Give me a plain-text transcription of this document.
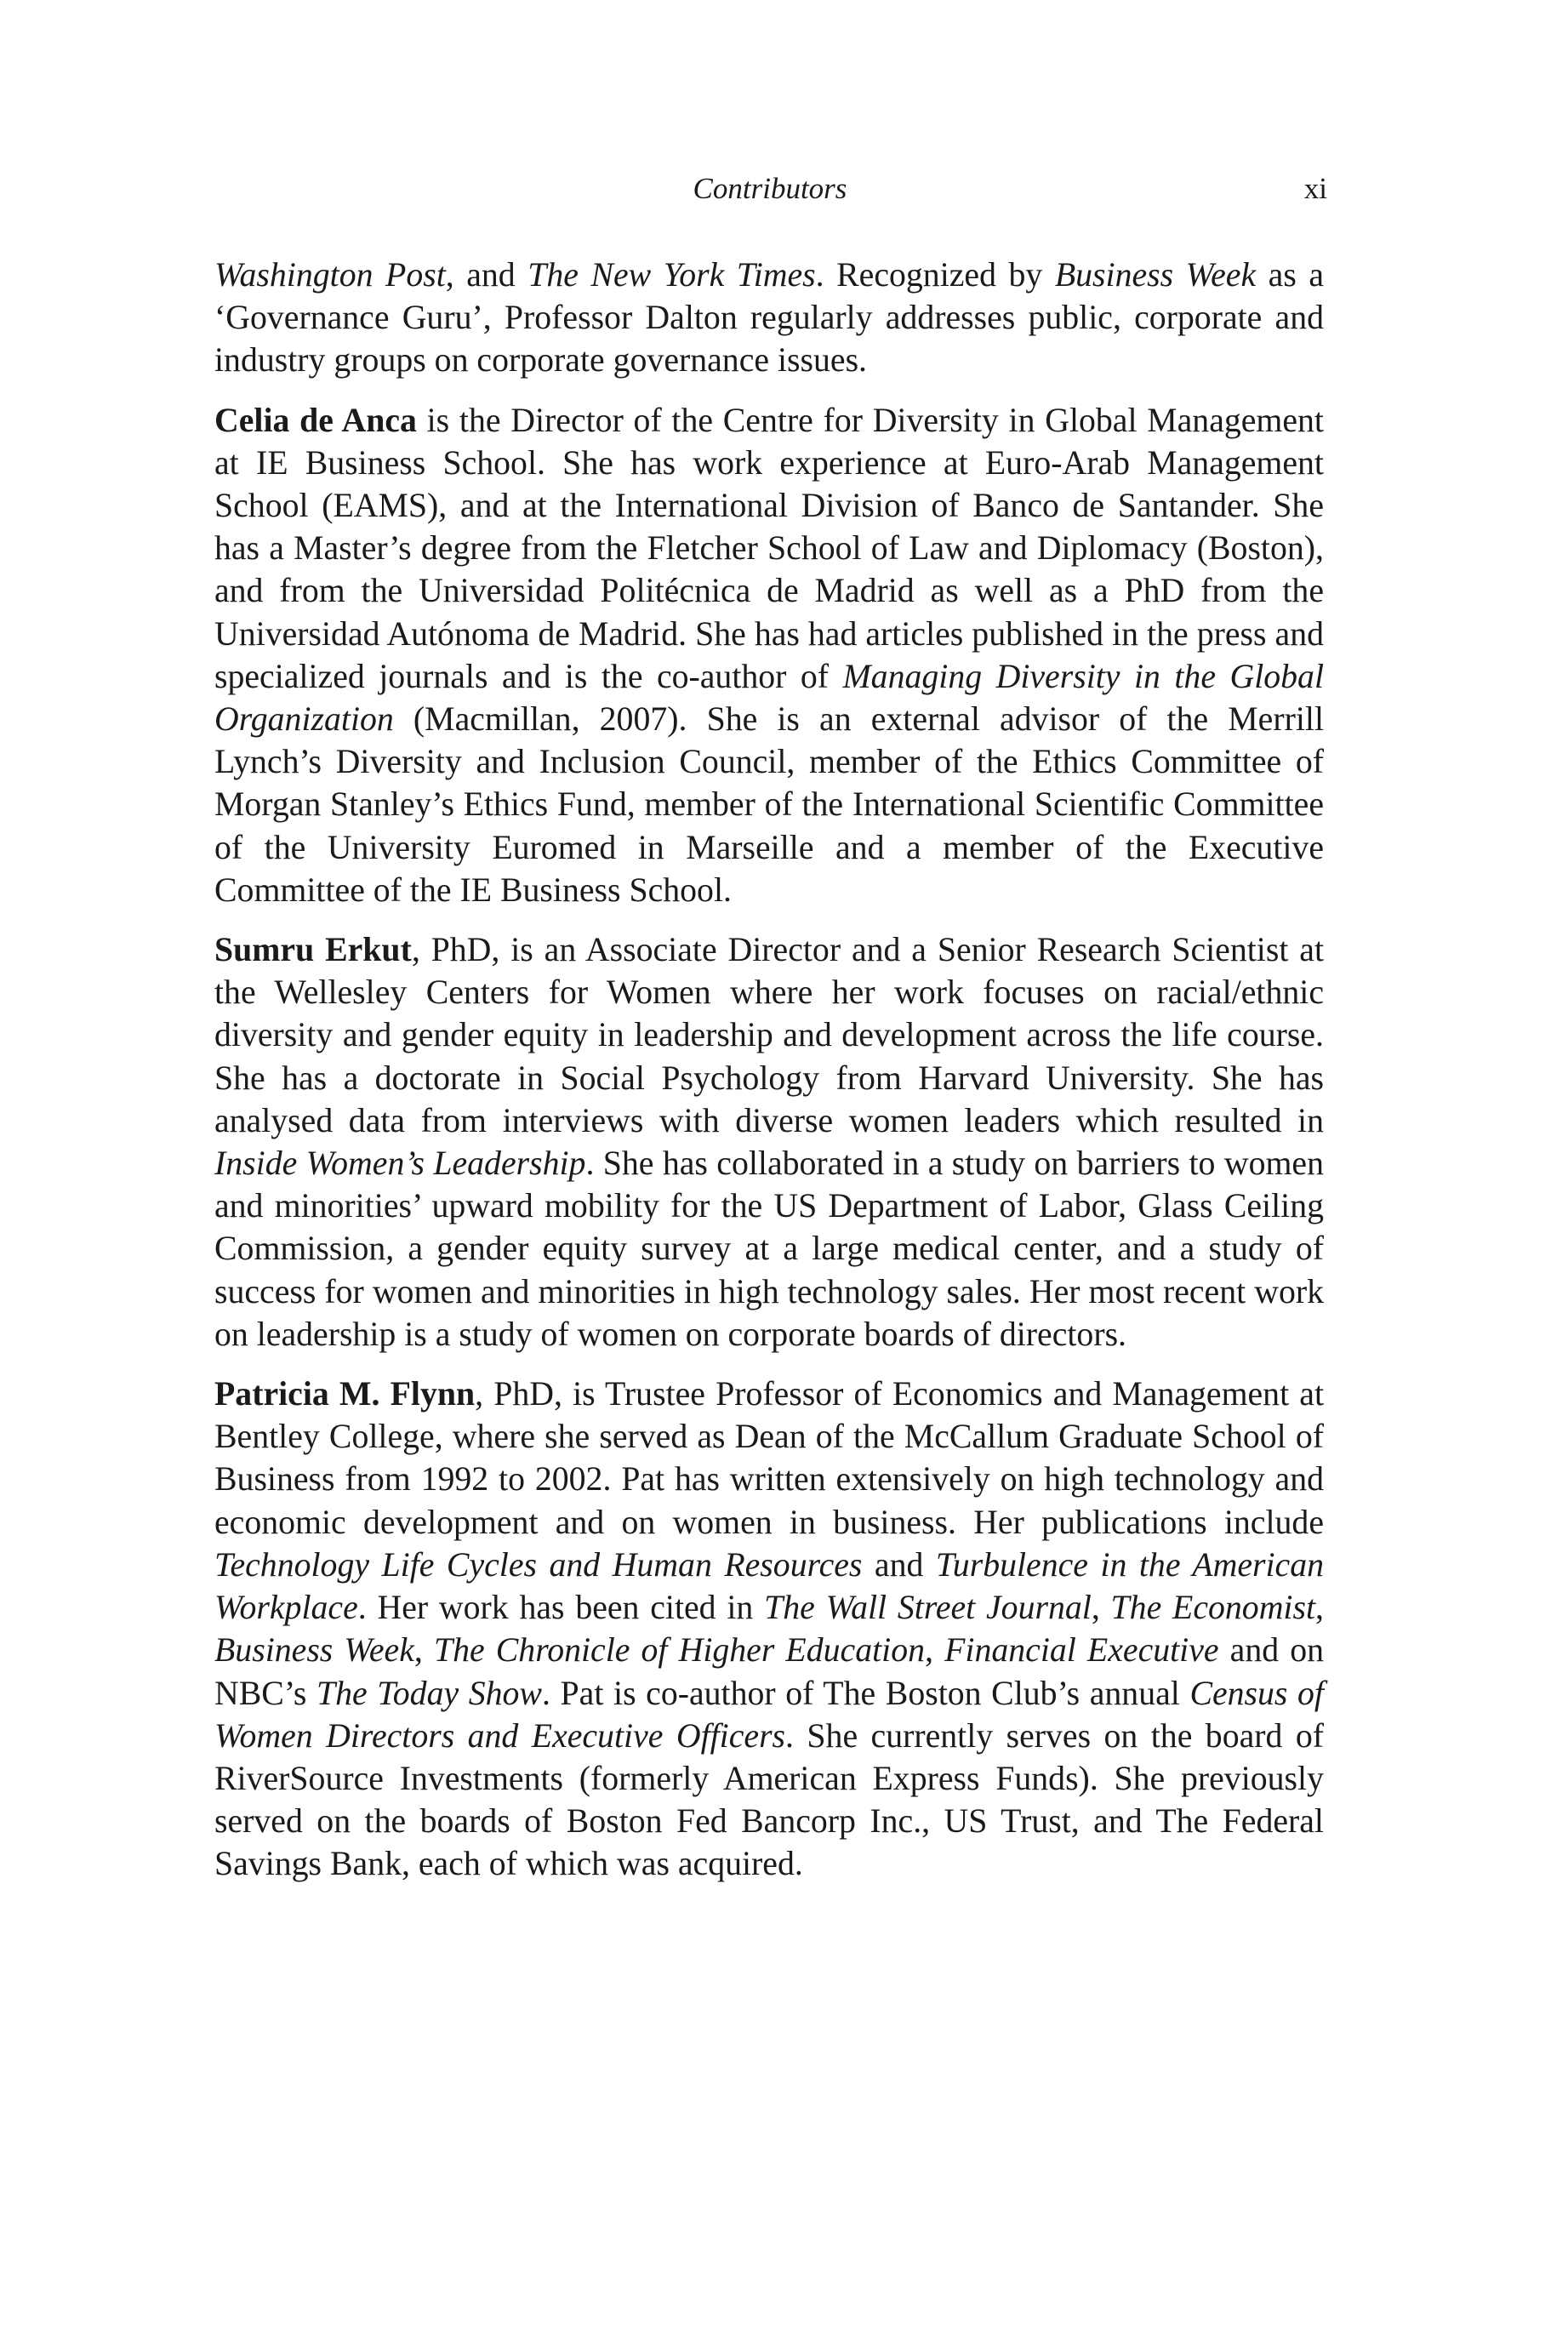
Contributors	xi

Washington Post, and The New York Times. Recognized by Business Week as a ‘Governance Guru’, Professor Dalton regularly addresses public, corporate and industry groups on corporate governance issues.

Celia de Anca is the Director of the Centre for Diversity in Global Management at IE Business School. She has work experience at Euro-Arab Management School (EAMS), and at the International Division of Banco de Santander. She has a Master’s degree from the Fletcher School of Law and Diplomacy (Boston), and from the Universidad Politécnica de Madrid as well as a PhD from the Universidad Autónoma de Madrid. She has had articles published in the press and specialized journals and is the co-author of Managing Diversity in the Global Organization (Macmillan, 2007). She is an external advisor of the Merrill Lynch’s Diversity and Inclusion Council, member of the Ethics Committee of Morgan Stanley’s Ethics Fund, member of the International Scientific Committee of the University Euromed in Marseille and a member of the Executive Committee of the IE Business School.

Sumru Erkut, PhD, is an Associate Director and a Senior Research Scientist at the Wellesley Centers for Women where her work focuses on racial/​ethnic diversity and gender equity in leadership and development across the life course. She has a doctorate in Social Psychology from Harvard University. She has analysed data from interviews with diverse women leaders which resulted in Inside Women’s Leadership. She has collaborated in a study on barriers to women and minorities’ upward mobility for the US Department of Labor, Glass Ceiling Commission, a gender equity survey at a large medical center, and a study of success for women and minorities in high technology sales. Her most recent work on leadership is a study of women on corporate boards of directors.

Patricia M. Flynn, PhD, is Trustee Professor of Economics and Management at Bentley College, where she served as Dean of the McCallum Graduate School of Business from 1992 to 2002. Pat has written extensively on high technology and economic development and on women in business. Her publications include Technology Life Cycles and Human Resources and Turbulence in the American Workplace. Her work has been cited in The Wall Street Journal, The Economist, Business Week, The Chronicle of Higher Education, Financial Executive and on NBC’s The Today Show. Pat is co-author of The Boston Club’s annual Census of Women Directors and Executive Officers. She currently serves on the board of RiverSource Investments (formerly American Express Funds). She previously served on the boards of Boston Fed Bancorp Inc., US Trust, and The Federal Savings Bank, each of which was acquired.
